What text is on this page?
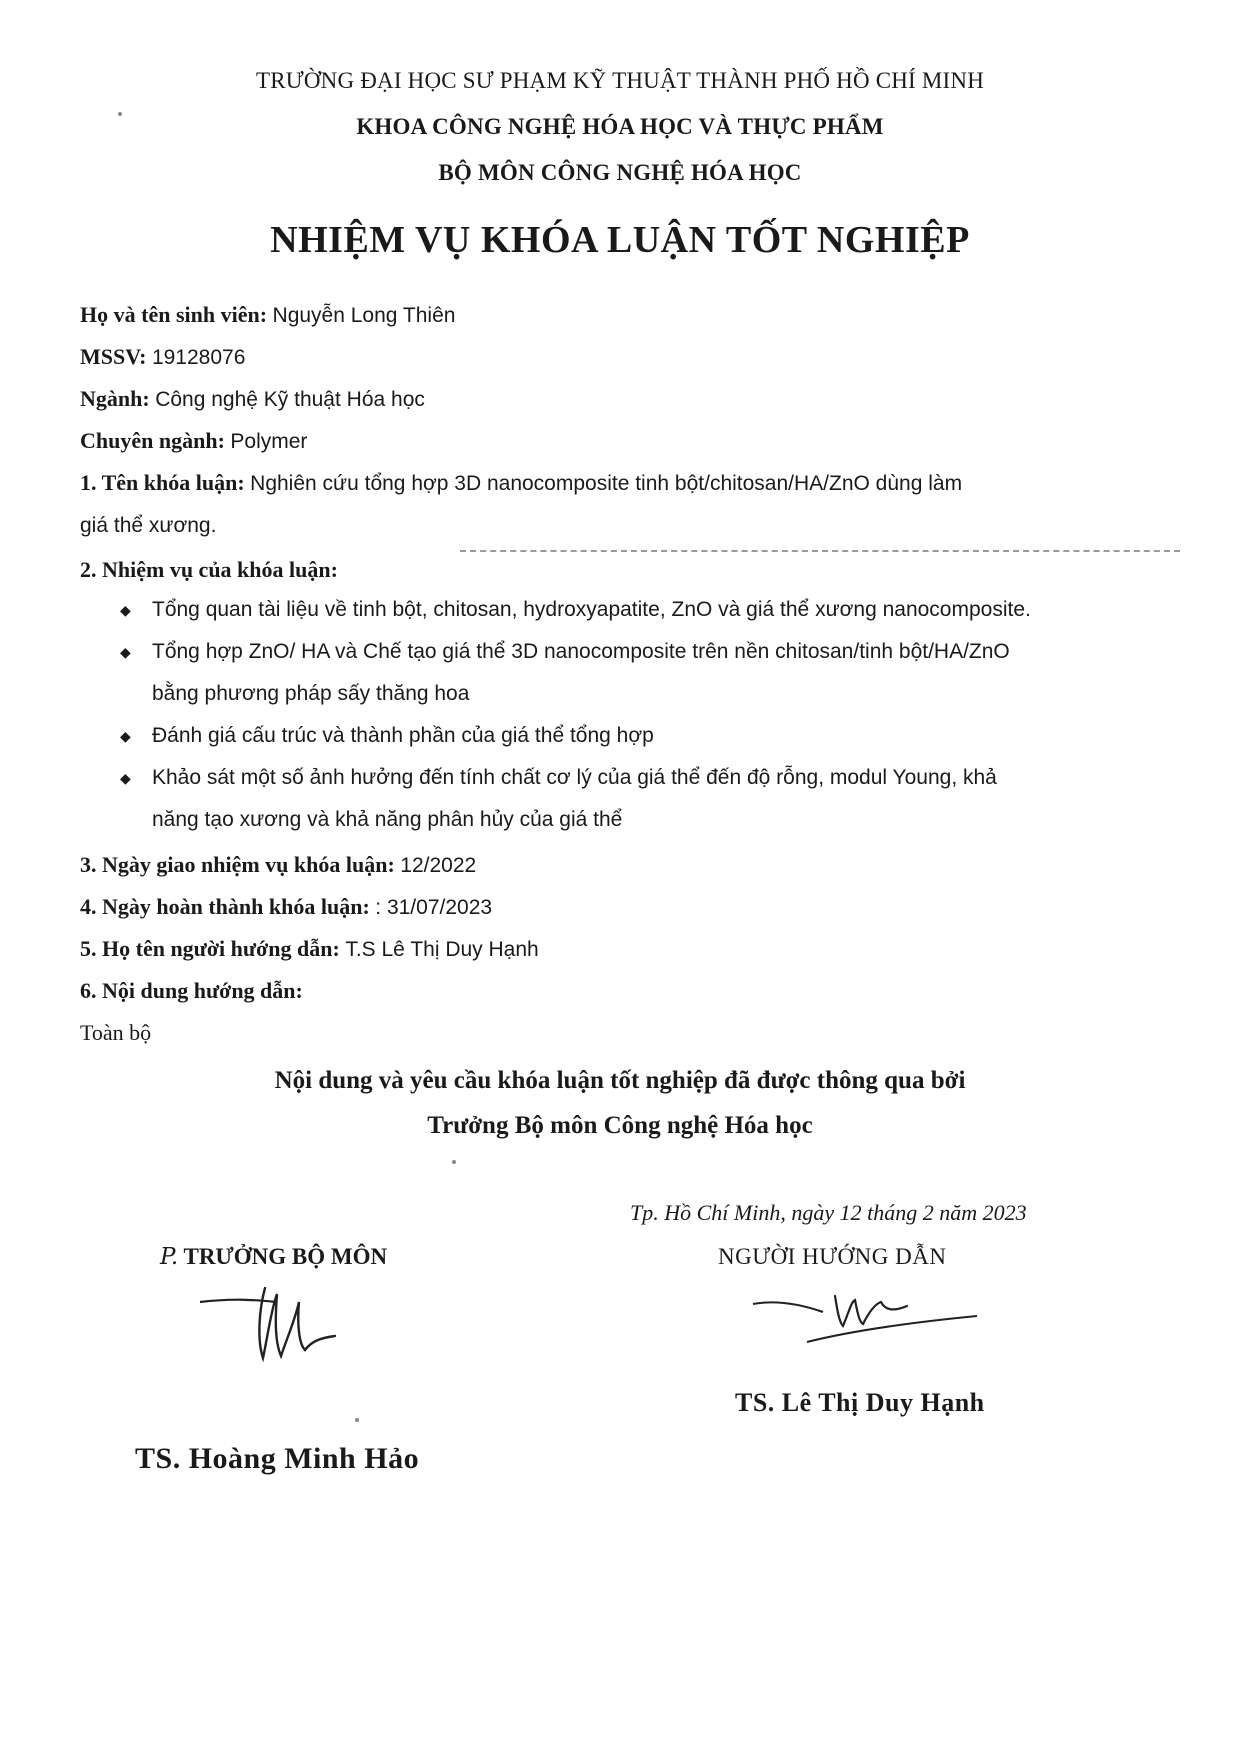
TRƯỜNG ĐẠI HỌC SƯ PHẠM KỸ THUẬT THÀNH PHỐ HỒ CHÍ MINH
KHOA CÔNG NGHỆ HÓA HỌC VÀ THỰC PHẨM
BỘ MÔN CÔNG NGHỆ HÓA HỌC
NHIỆM VỤ KHÓA LUẬN TỐT NGHIỆP
Họ và tên sinh viên: Nguyễn Long Thiên
MSSV: 19128076
Ngành: Công nghệ Kỹ thuật Hóa học
Chuyên ngành: Polymer
1. Tên khóa luận: Nghiên cứu tổng hợp 3D nanocomposite tinh bột/chitosan/HA/ZnO dùng làm
giá thể xương.
2. Nhiệm vụ của khóa luận:
◆ Tổng quan tài liệu về tinh bột, chitosan, hydroxyapatite, ZnO và giá thể xương nanocomposite.
◆ Tổng hợp ZnO/ HA và Chế tạo giá thể 3D nanocomposite trên nền chitosan/tinh bột/HA/ZnO
bằng phương pháp sấy thăng hoa
◆ Đánh giá cấu trúc và thành phần của giá thể tổng hợp
◆ Khảo sát một số ảnh hưởng đến tính chất cơ lý của giá thể đến độ rỗng, modul Young, khả
năng tạo xương và khả năng phân hủy của giá thể
3. Ngày giao nhiệm vụ khóa luận: 12/2022
4. Ngày hoàn thành khóa luận: : 31/07/2023
5. Họ tên người hướng dẫn: T.S Lê Thị Duy Hạnh
6. Nội dung hướng dẫn:
Toàn bộ
Nội dung và yêu cầu khóa luận tốt nghiệp đã được thông qua bởi
Trưởng Bộ môn Công nghệ Hóa học
Tp. Hồ Chí Minh, ngày 12 tháng 2 năm 2023
P. TRƯỞNG BỘ MÔN	NGƯỜI HƯỚNG DẪN
TS. Lê Thị Duy Hạnh
TS. Hoàng Minh Hảo
